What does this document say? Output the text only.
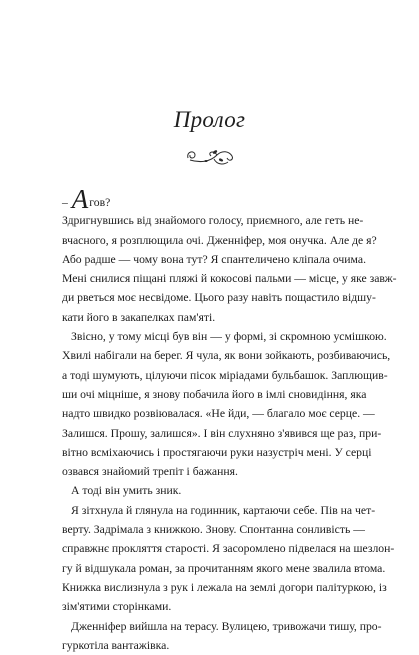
Пролог
– Агов?
Здригнувшись від знайомого голосу, приємного, але геть не-
вчасного, я розплющила очі. Дженніфер, моя онучка. Але де я?
Або радше — чому вона тут? Я спантеличено кліпала очима.
Мені снилися піщані пляжі й кокосові пальми — місце, у яке завж-
ди рветься моє несвідоме. Цього разу навіть пощастило відшу-
кати його в закапелках пам'яті.
Звісно, у тому місці був він — у формі, зі скромною усмішкою.
Хвилі набігали на берег. Я чула, як вони зойкають, розбиваючись,
а тоді шумують, цілуючи пісок міріадами бульбашок. Заплющив-
ши очі міцніше, я знову побачила його в імлі сновидіння, яка
надто швидко розвіювалася. «Не йди, — благало моє серце. —
Залишся. Прошу, залишся». І він слухняно з'явився ще раз, при-
вітно всміхаючись і простягаючи руки назустріч мені. У серці
озвався знайомий трепіт і бажання.
А тоді він умить зник.
Я зітхнула й глянула на годинник, картаючи себе. Пів на чет-
верту. Задрімала з книжкою. Знову. Спонтанна сонливість —
справжнє прокляття старості. Я засоромлено підвелася на шезлон-
гу й відшукала роман, за прочитанням якого мене звалила втома.
Книжка вислизнула з рук і лежала на землі догори палітуркою, із
зім'ятими сторінками.
Дженніфер вийшла на терасу. Вулицею, тривожачи тишу, про-
гуркотіла вантажівка.
